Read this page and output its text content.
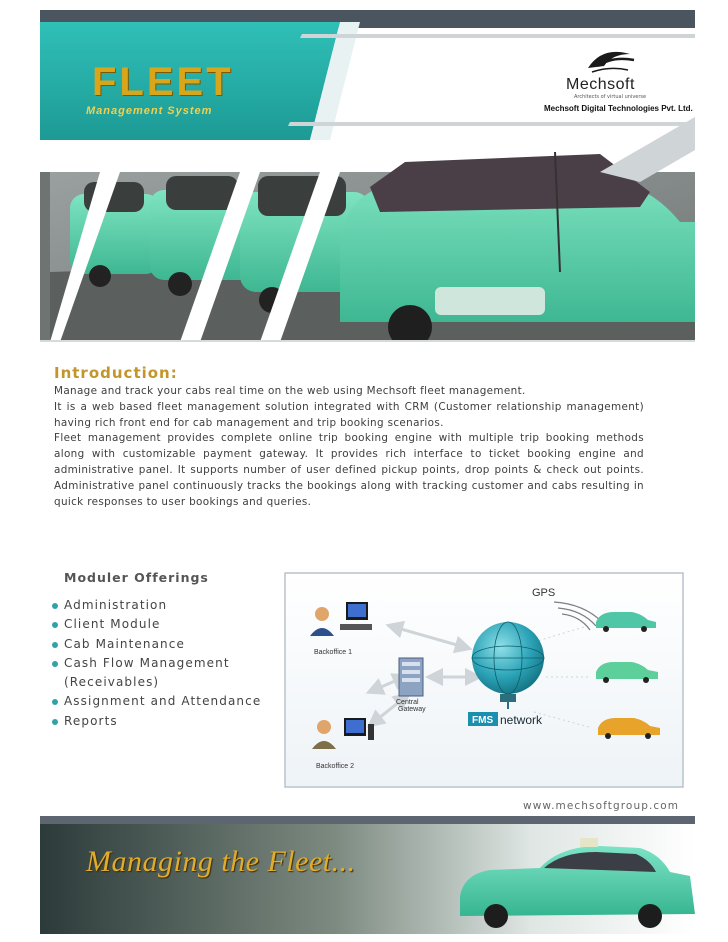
FLEET
Management System
Mechsoft
Architects of virtual universe
Mechsoft Digital Technologies Pvt. Ltd.
Introduction:

Manage and track your cabs real time on the web using Mechsoft fleet management.

It is a web based fleet management solution integrated with CRM (Customer relationship management) having rich front end for cab management and trip booking scenarios.

Fleet management provides complete online trip booking engine with multiple trip booking methods along with customizable payment gateway. It provides rich interface to ticket booking engine and administrative panel. It supports number of user defined pickup points, drop points & check out points. Administrative panel continuously tracks the bookings along with tracking customer and cabs resulting in quick responses to user bookings and queries.

Moduler Offerings
Administration
Client Module
Cab Maintenance
Cash Flow Management
(Receivables)
Assignment and Attendance
Reports
GPS
Backoffice 1
Backoffice 2
Central
Gateway
FMS network
www.mechsoftgroup.com
Managing the Fleet...
